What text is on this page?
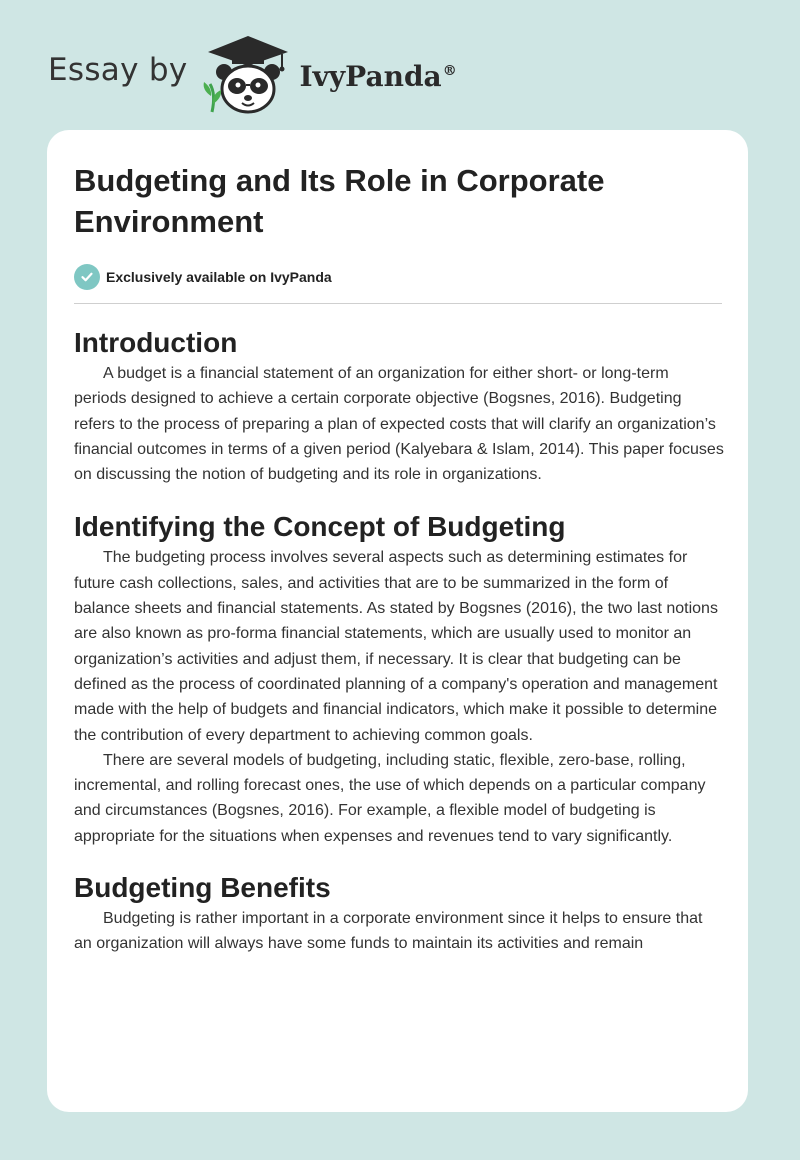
Essay by	IvyPanda®
Budgeting and Its Role in Corporate Environment
Exclusively available on IvyPanda
Introduction

A budget is a financial statement of an organization for either short- or long-term periods designed to achieve a certain corporate objective (Bogsnes, 2016). Budgeting refers to the process of preparing a plan of expected costs that will clarify an organization’s financial outcomes in terms of a given period (Kalyebara & Islam, 2014). This paper focuses on discussing the notion of budgeting and its role in organizations.

Identifying the Concept of Budgeting

The budgeting process involves several aspects such as determining estimates for future cash collections, sales, and activities that are to be summarized in the form of balance sheets and financial statements. As stated by Bogsnes (2016), the two last notions are also known as pro-forma financial statements, which are usually used to monitor an organization’s activities and adjust them, if necessary. It is clear that budgeting can be defined as the process of coordinated planning of a company's operation and management made with the help of budgets and financial indicators, which make it possible to determine the contribution of every department to achieving common goals.

There are several models of budgeting, including static, flexible, zero-base, rolling, incremental, and rolling forecast ones, the use of which depends on a particular company and circumstances (Bogsnes, 2016). For example, a flexible model of budgeting is appropriate for the situations when expenses and revenues tend to vary significantly.

Budgeting Benefits

Budgeting is rather important in a corporate environment since it helps to ensure that an organization will always have some funds to maintain its activities and remain
